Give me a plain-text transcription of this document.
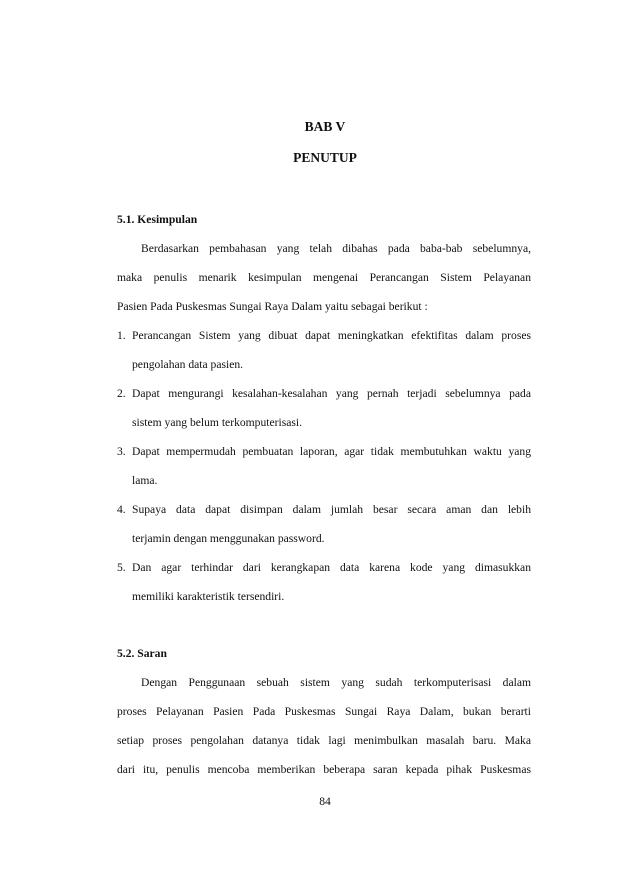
BAB V

PENUTUP

5.1. Kesimpulan

Berdasarkan pembahasan yang telah dibahas pada baba-bab sebelumnya,

maka penulis menarik kesimpulan mengenai Perancangan Sistem Pelayanan

Pasien Pada Puskesmas Sungai Raya Dalam yaitu sebagai berikut :

1. Perancangan Sistem yang dibuat dapat meningkatkan efektifitas dalam proses

pengolahan data pasien.

2. Dapat mengurangi kesalahan-kesalahan yang pernah terjadi sebelumnya pada

sistem yang belum terkomputerisasi.

3. Dapat mempermudah pembuatan laporan, agar tidak membutuhkan waktu yang

lama.

4. Supaya data dapat disimpan dalam jumlah besar secara aman dan lebih

terjamin dengan menggunakan password.

5. Dan agar terhindar dari kerangkapan data karena kode yang dimasukkan

memiliki karakteristik tersendiri.

5.2. Saran

Dengan Penggunaan sebuah sistem yang sudah terkomputerisasi dalam

proses Pelayanan Pasien Pada Puskesmas Sungai Raya Dalam, bukan berarti

setiap proses pengolahan datanya tidak lagi menimbulkan masalah baru. Maka

dari itu, penulis mencoba memberikan beberapa saran kepada pihak Puskesmas

84
